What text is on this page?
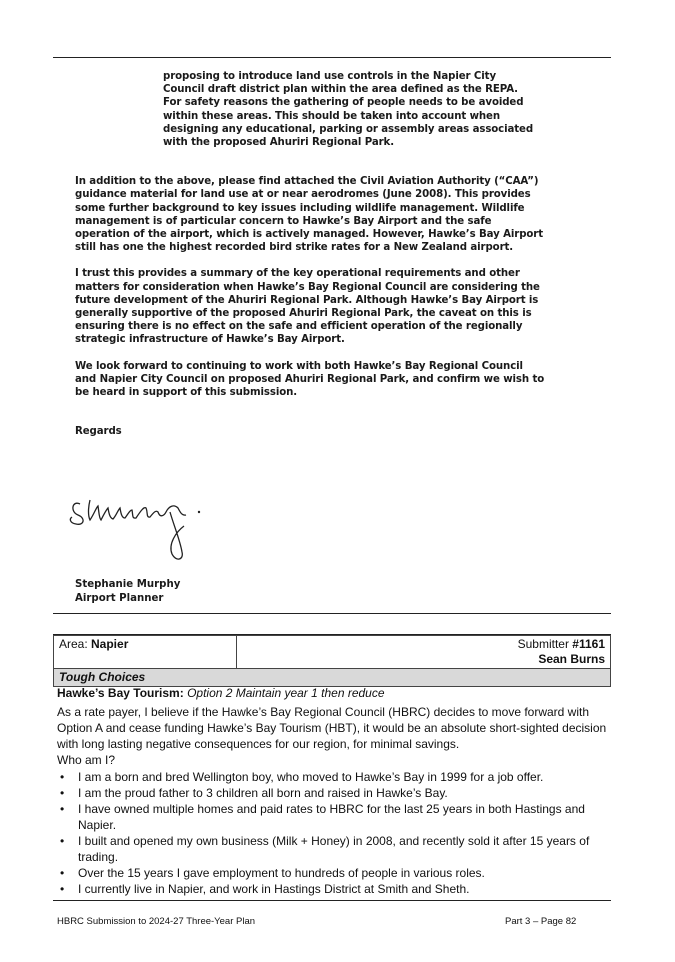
proposing to introduce land use controls in the Napier City Council draft district plan within the area defined as the REPA. For safety reasons the gathering of people needs to be avoided within these areas. This should be taken into account when designing any educational, parking or assembly areas associated with the proposed Ahuriri Regional Park.

In addition to the above, please find attached the Civil Aviation Authority (“CAA”) guidance material for land use at or near aerodromes (June 2008). This provides some further background to key issues including wildlife management. Wildlife management is of particular concern to Hawke’s Bay Airport and the safe operation of the airport, which is actively managed. However, Hawke’s Bay Airport still has one the highest recorded bird strike rates for a New Zealand airport.

I trust this provides a summary of the key operational requirements and other matters for consideration when Hawke’s Bay Regional Council are considering the future development of the Ahuriri Regional Park. Although Hawke’s Bay Airport is generally supportive of the proposed Ahuriri Regional Park, the caveat on this is ensuring there is no effect on the safe and efficient operation of the regionally strategic infrastructure of Hawke’s Bay Airport.

We look forward to continuing to work with both Hawke’s Bay Regional Council and Napier City Council on proposed Ahuriri Regional Park, and confirm we wish to be heard in support of this submission.

Regards

Stephanie Murphy
Airport Planner
Area: Napier	Submitter #1161
Sean Burns

Tough Choices

Hawke’s Bay Tourism: Option 2 Maintain year 1 then reduce

As a rate payer, I believe if the Hawke’s Bay Regional Council (HBRC) decides to move forward with Option A and cease funding Hawke’s Bay Tourism (HBT), it would be an absolute short-sighted decision with long lasting negative consequences for our region, for minimal savings.

Who am I?

• I am a born and bred Wellington boy, who moved to Hawke’s Bay in 1999 for a job offer.
• I am the proud father to 3 children all born and raised in Hawke’s Bay.
• I have owned multiple homes and paid rates to HBRC for the last 25 years in both Hastings and Napier.
• I built and opened my own business (Milk + Honey) in 2008, and recently sold it after 15 years of trading.
• Over the 15 years I gave employment to hundreds of people in various roles.
• I currently live in Napier, and work in Hastings District at Smith and Sheth.
HBRC Submission to 2024-27 Three-Year Plan	Part 3 – Page 82
